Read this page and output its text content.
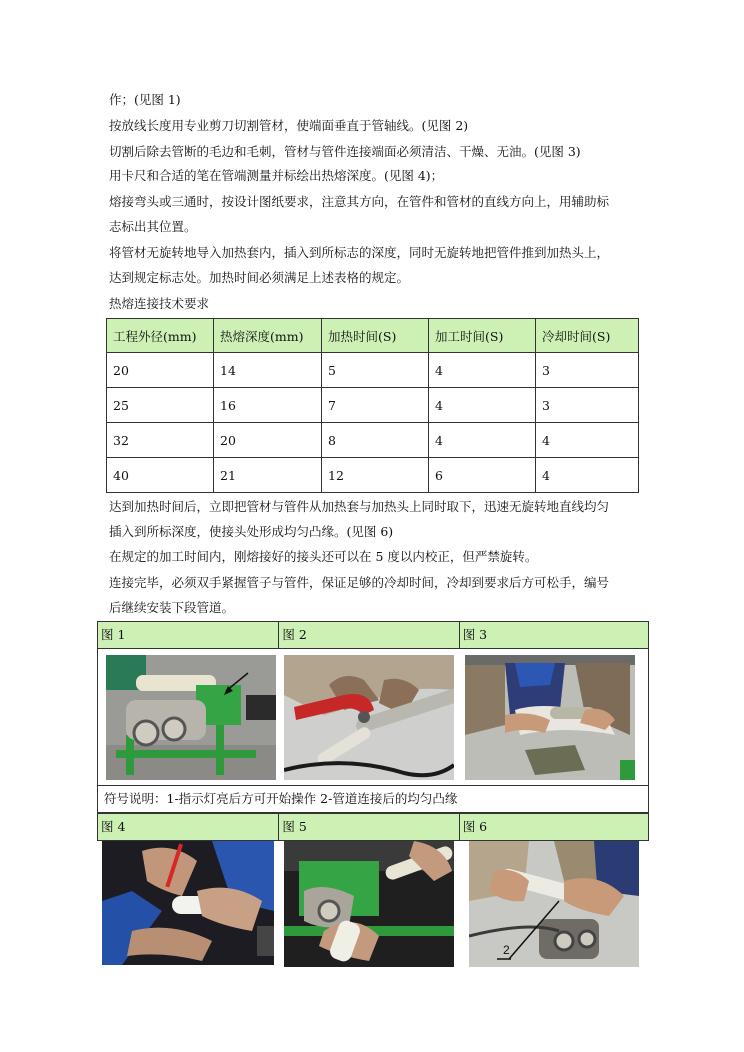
作；(见图 1)
按放线长度用专业剪刀切割管材，使端面垂直于管轴线。(见图 2)
切割后除去管断的毛边和毛刺，管材与管件连接端面必须清洁、干燥、无油。(见图 3)
用卡尺和合适的笔在管端测量并标绘出热熔深度。(见图 4)；
熔接弯头或三通时，按设计图纸要求，注意其方向，在管件和管材的直线方向上，用辅助标
志标出其位置。
将管材无旋转地导入加热套内，插入到所标志的深度，同时无旋转地把管件推到加热头上，
达到规定标志处。加热时间必须满足上述表格的规定。
热熔连接技术要求
工程外径(mm)	热熔深度(mm)	加热时间(S)	加工时间(S)	冷却时间(S)
20	14	5	4	3
25	16	7	4	3
32	20	8	4	4
40	21	12	6	4
达到加热时间后，立即把管材与管件从加热套与加热头上同时取下，迅速无旋转地直线均匀
插入到所标深度，使接头处形成均匀凸缘。(见图 6)
在规定的加工时间内，刚熔接好的接头还可以在 5 度以内校正，但严禁旋转。
连接完毕，必须双手紧握管子与管件，保证足够的冷却时间，冷却到要求后方可松手，编号
后继续安装下段管道。
图 1	图 2	图 3
符号说明：1-指示灯亮后方可开始操作 2-管道连接后的均匀凸缘
图 4	图 5	图 6
2
